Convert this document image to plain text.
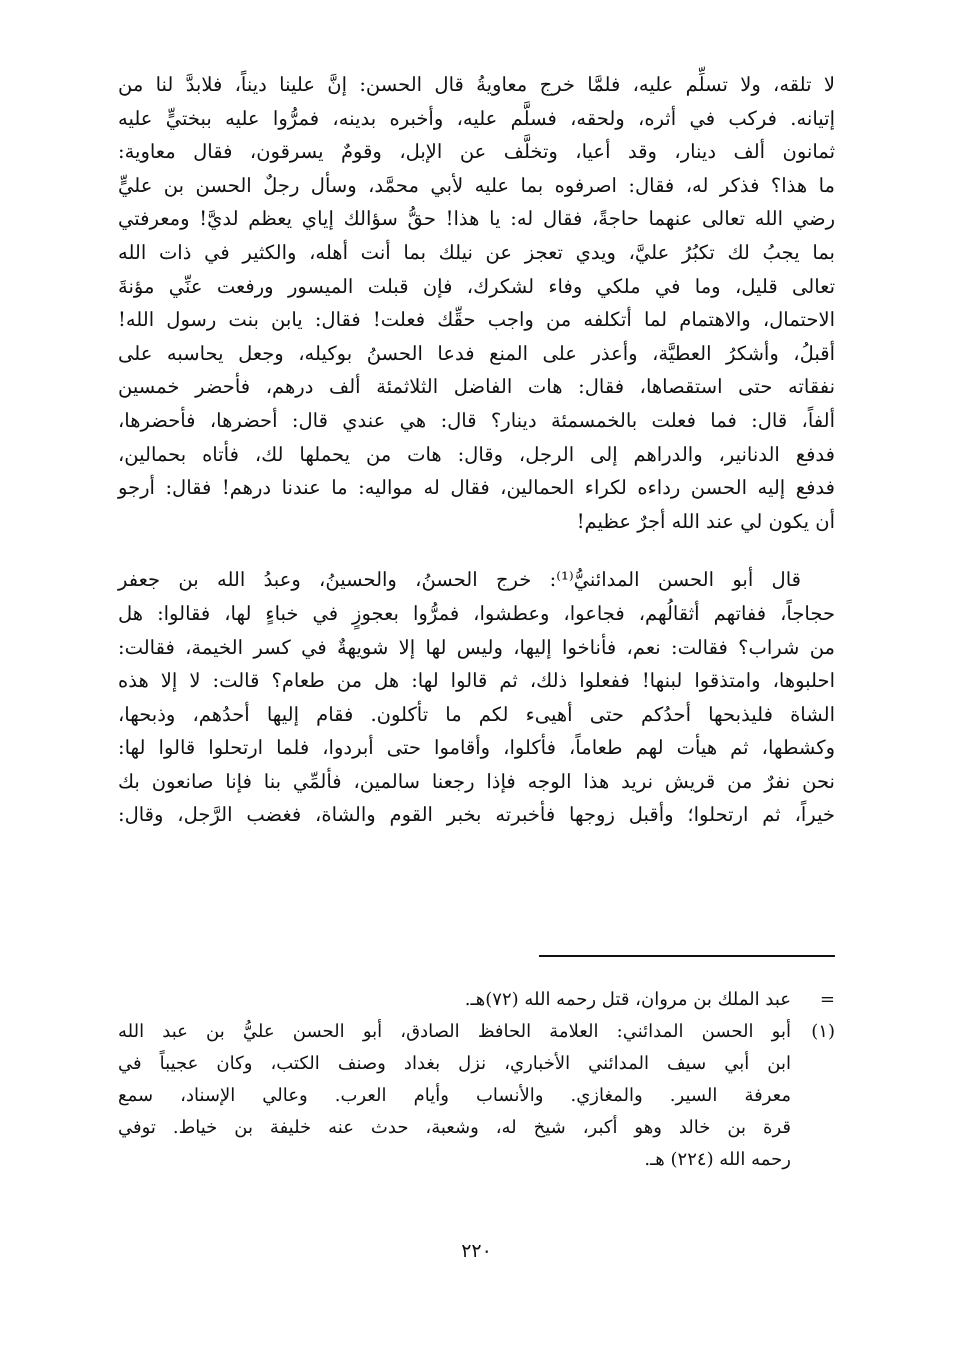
لا تلقه، ولا تسلِّم عليه، فلمَّا خرج معاويةُ قال الحسن: إنَّ علينا ديناً، فلابدَّ لنا من
إتيانه. فركب في أثره، ولحقه، فسلَّم عليه، وأخبره بدينه، فمرُّوا عليه ببختيٍّ عليه
ثمانون ألف دينار، وقد أعيا، وتخلَّف عن الإبل، وقومٌ يسرقون، فقال معاوية:
ما هذا؟ فذكر له، فقال: اصرفوه بما عليه لأبي محمَّد، وسأل رجلٌ الحسن بن عليٍّ
رضي الله تعالى عنهما حاجةً، فقال له: يا هذا! حقُّ سؤالك إياي يعظم لديَّ! ومعرفتي
بما يجبُ لك تكبُرُ عليَّ، ويدي تعجز عن نيلك بما أنت أهله، والكثير في ذات الله
تعالى قليل، وما في ملكي وفاء لشكرك، فإن قبلت الميسور ورفعت عنِّي مؤنةَ
الاحتمال، والاهتمام لما أتكلفه من واجب حقِّك فعلت! فقال: يابن بنت رسول الله!
أقبلُ، وأشكرُ العطيَّة، وأعذر على المنع فدعا الحسنُ بوكيله، وجعل يحاسبه على
نفقاته حتى استقصاها، فقال: هات الفاضل الثلاثمئة ألف درهم، فأحضر خمسين
ألفاً، قال: فما فعلت بالخمسمئة دينار؟ قال: هي عندي قال: أحضرها، فأحضرها،
فدفع الدنانير، والدراهم إلى الرجل، وقال: هات من يحملها لك، فأتاه بحمالين،
فدفع إليه الحسن رداءه لكراء الحمالين، فقال له مواليه: ما عندنا درهم! فقال: أرجو
أن يكون لي عند الله أجرٌ عظيم!
قال أبو الحسن المدائنيُّ⁽¹⁾: خرج الحسنُ، والحسينُ، وعبدُ الله بن جعفر
حجاجاً، ففاتهم أثقالُهم، فجاعوا، وعطشوا، فمرُّوا بعجوزٍ في خباءٍ لها، فقالوا: هل
من شراب؟ فقالت: نعم، فأناخوا إليها، وليس لها إلا شويهةٌ في كسر الخيمة، فقالت:
احلبوها، وامتذقوا لبنها! ففعلوا ذلك، ثم قالوا لها: هل من طعام؟ قالت: لا إلا هذه
الشاة فليذبحها أحدُكم حتى أهيىء لكم ما تأكلون. فقام إليها أحدُهم، وذبحها،
وكشطها، ثم هيأت لهم طعاماً، فأكلوا، وأقاموا حتى أبردوا، فلما ارتحلوا قالوا لها:
نحن نفرٌ من قريش نريد هذا الوجه فإذا رجعنا سالمين، فألمِّي بنا فإنا صانعون بك
خيراً، ثم ارتحلوا؛ وأقبل زوجها فأخبرته بخبر القوم والشاة، فغضب الرَّجل، وقال:
=
عبد الملك بن مروان، قتل رحمه الله (٧٢)هـ.
(١)
أبو الحسن المدائني: العلامة الحافظ الصادق، أبو الحسن عليُّ بن عبد الله
ابن أبي سيف المدائني الأخباري، نزل بغداد وصنف الكتب، وكان عجيباً في
معرفة السير. والمغازي. والأنساب وأيام العرب. وعالي الإسناد، سمع
قرة بن خالد وهو أكبر، شيخ له، وشعبة، حدث عنه خليفة بن خياط. توفي
رحمه الله (٢٢٤) هـ.
٢٢٠
